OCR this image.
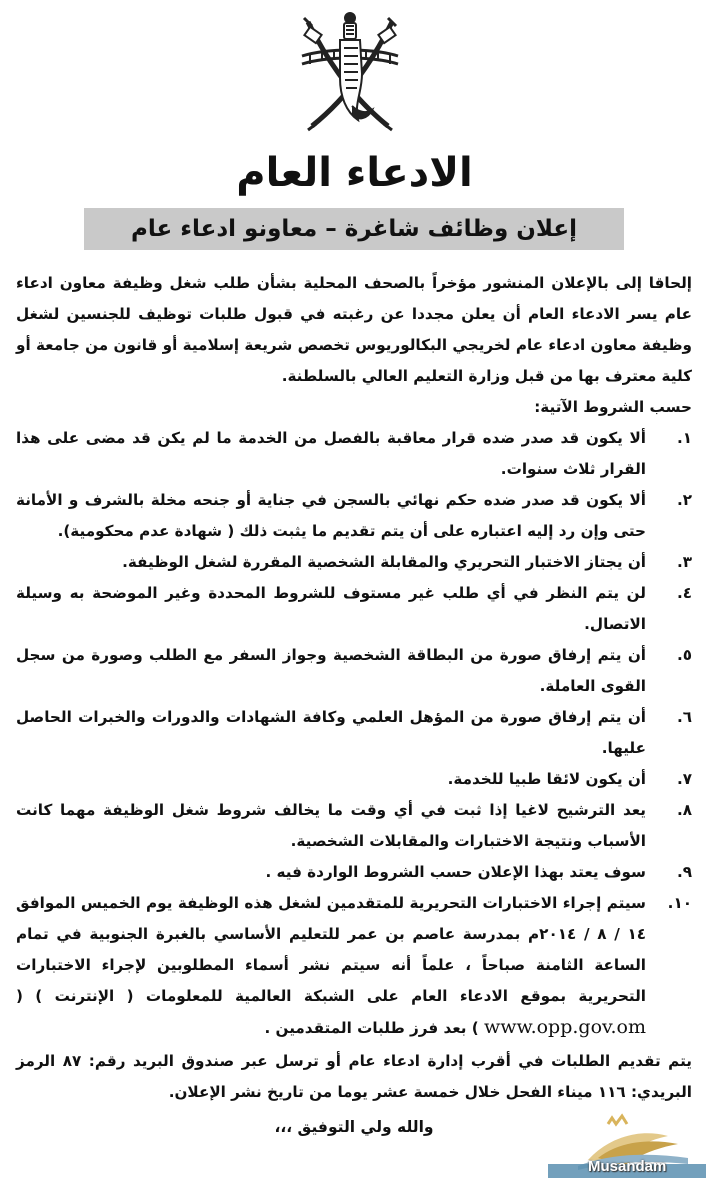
الادعاء العام
إعلان وظائف شاغرة – معاونو ادعاء عام

إلحاقا إلى بالإعلان المنشور مؤخراً بالصحف المحلية بشأن طلب شغل وظيفة معاون ادعاء عام يسر الادعاء العام أن يعلن مجددا عن رغبته في قبول طلبات توظيف للجنسين لشغل وظيفة معاون ادعاء عام لخريجي البكالوريوس تخصص شريعة إسلامية أو قانون من جامعة أو كلية معترف بها من قبل وزارة التعليم العالي بالسلطنة.

حسب الشروط الآتية:

١.
ألا يكون قد صدر ضده قرار معاقبة بالفصل من الخدمة ما لم يكن قد مضى على هذا القرار ثلاث سنوات.
٢.
ألا يكون قد صدر ضده حكم نهائي بالسجن في جناية أو جنحه مخلة بالشرف و الأمانة حتى وإن رد إليه اعتباره على أن يتم تقديم ما يثبت ذلك ( شهادة عدم محكومية).
٣.
أن يجتاز الاختبار التحريري والمقابلة الشخصية المقررة لشغل الوظيفة.
٤.
لن يتم النظر في أي طلب غير مستوف للشروط المحددة وغير الموضحة به وسيلة الاتصال.
٥.
أن يتم إرفاق صورة من البطاقة الشخصية وجواز السفر مع الطلب وصورة من سجل القوى العاملة.
٦.
أن يتم إرفاق صورة من المؤهل العلمي وكافة الشهادات والدورات والخبرات الحاصل عليها.
٧.
أن يكون لائقا طبيا للخدمة.
٨.
يعد الترشيح لاغيا إذا ثبت في أي وقت ما يخالف شروط شغل الوظيفة مهما كانت الأسباب ونتيجة الاختبارات والمقابلات الشخصية.
٩.
سوف يعتد بهذا الإعلان حسب الشروط الواردة فيه .
١٠.
سيتم إجراء الاختبارات التحريرية للمتقدمين لشغل هذه الوظيفة يوم الخميس الموافق ١٤ / ٨ / ٢٠١٤م بمدرسة عاصم بن عمر للتعليم الأساسي بالغبرة الجنوبية في تمام الساعة الثامنة صباحاً ، علماً أنه سيتم نشر أسماء المطلوبين لإجراء الاختبارات التحريرية بموقع الادعاء العام على الشبكة العالمية للمعلومات ( الإنترنت ) ( www.opp.gov.om ) بعد فرز طلبات المتقدمين .

يتم تقديم الطلبات في أقرب إدارة ادعاء عام أو ترسل عبر صندوق البريد رقم: ٨٧ الرمز البريدي: ١١٦ ميناء الفحل خلال خمسة عشر يوما من تاريخ نشر الإعلان.

والله ولي التوفيق ،،،

Musandam
